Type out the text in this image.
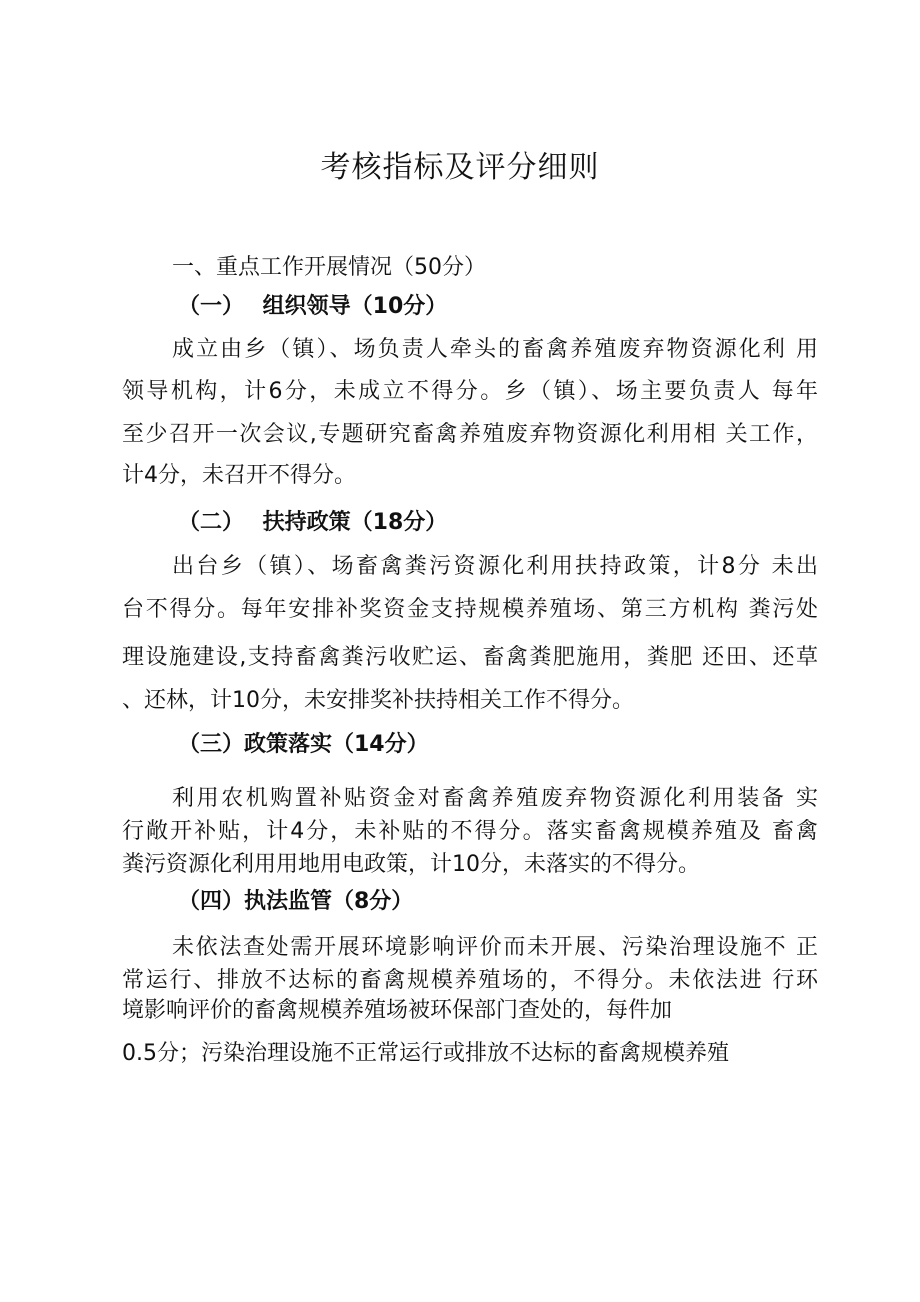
考核指标及评分细则
一、重点工作开展情况（50分）
（一）　 组织领导（10分）
成立由乡（镇）、场负责人牵头的畜禽养殖废弃物资源化利 用
领导机构，计6分，未成立不得分。乡（镇）、场主要负责人 每年
至少召开一次会议,专题研究畜禽养殖废弃物资源化利用相 关工作，
计4分，未召开不得分。
（二）　 扶持政策（18分）
出台乡（镇）、场畜禽粪污资源化利用扶持政策，计8分 未出
台不得分。每年安排补奖资金支持规模养殖场、第三方机构 粪污处
理设施建设,支持畜禽粪污收贮运、畜禽粪肥施用，粪肥 还田、还草
、还林，计10分，未安排奖补扶持相关工作不得分。
（三）政策落实（14分）
利用农机购置补贴资金对畜禽养殖废弃物资源化利用装备 实
行敞开补贴，计4分，未补贴的不得分。落实畜禽规模养殖及 畜禽
粪污资源化利用用地用电政策，计10分，未落实的不得分。
（四）执法监管（8分）
未依法查处需开展环境影响评价而未开展、污染治理设施不 正
常运行、排放不达标的畜禽规模养殖场的，不得分。未依法进 行环
境影响评价的畜禽规模养殖场被环保部门查处的，每件加
0.5分；污染治理设施不正常运行或排放不达标的畜禽规模养殖
